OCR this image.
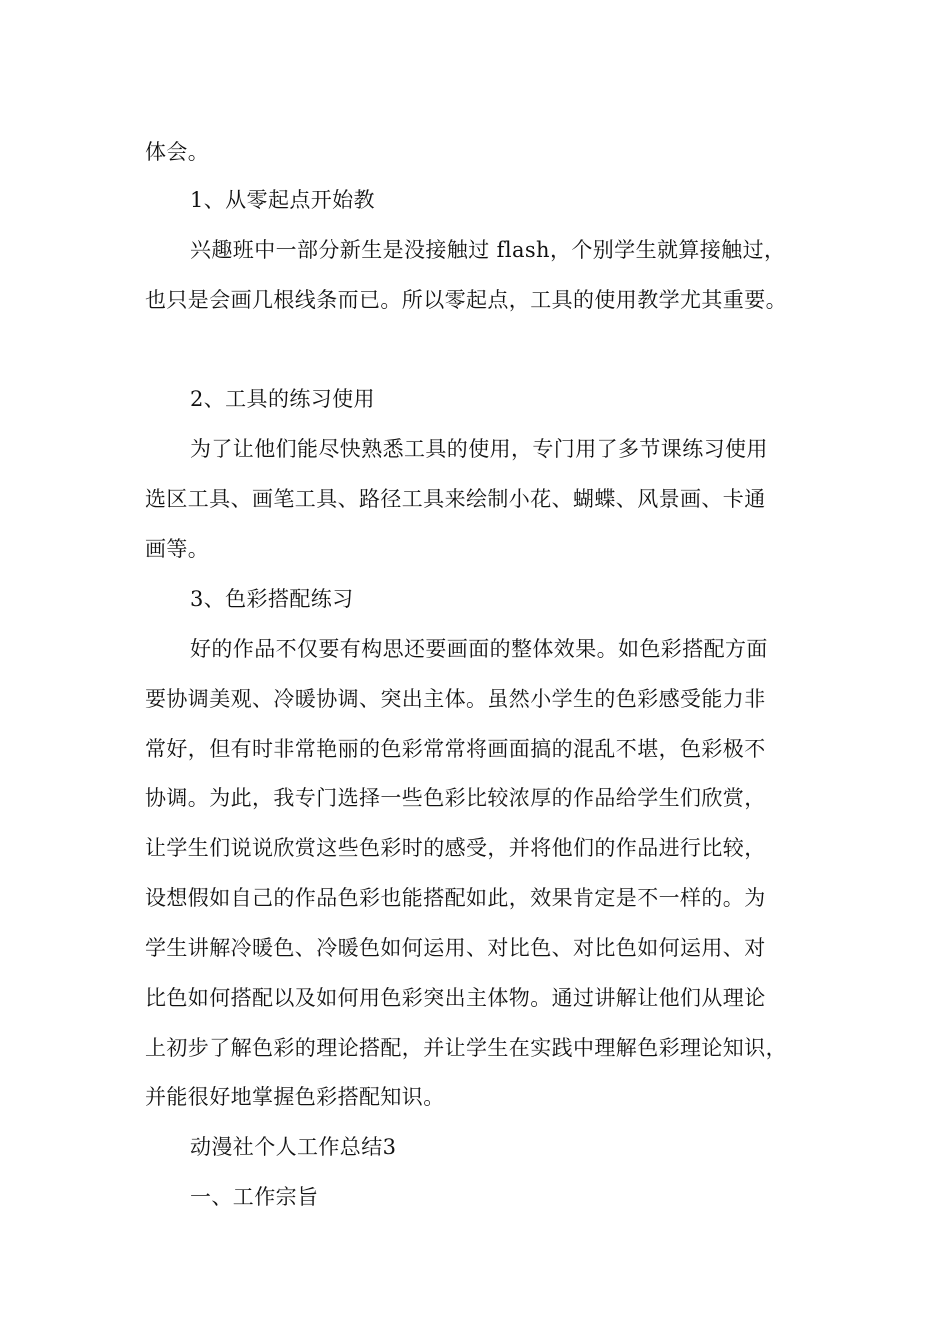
体会。
1、从零起点开始教
兴趣班中一部分新生是没接触过 flash，个别学生就算接触过，
也只是会画几根线条而已。所以零起点，工具的使用教学尤其重要。
2、工具的练习使用
为了让他们能尽快熟悉工具的使用，专门用了多节课练习使用
选区工具、画笔工具、路径工具来绘制小花、蝴蝶、风景画、卡通
画等。
3、色彩搭配练习
好的作品不仅要有构思还要画面的整体效果。如色彩搭配方面
要协调美观、冷暖协调、突出主体。虽然小学生的色彩感受能力非
常好，但有时非常艳丽的色彩常常将画面搞的混乱不堪，色彩极不
协调。为此，我专门选择一些色彩比较浓厚的作品给学生们欣赏，
让学生们说说欣赏这些色彩时的感受，并将他们的作品进行比较，
设想假如自己的作品色彩也能搭配如此，效果肯定是不一样的。为
学生讲解冷暖色、冷暖色如何运用、对比色、对比色如何运用、对
比色如何搭配以及如何用色彩突出主体物。通过讲解让他们从理论
上初步了解色彩的理论搭配，并让学生在实践中理解色彩理论知识，
并能很好地掌握色彩搭配知识。
动漫社个人工作总结3
一、工作宗旨
